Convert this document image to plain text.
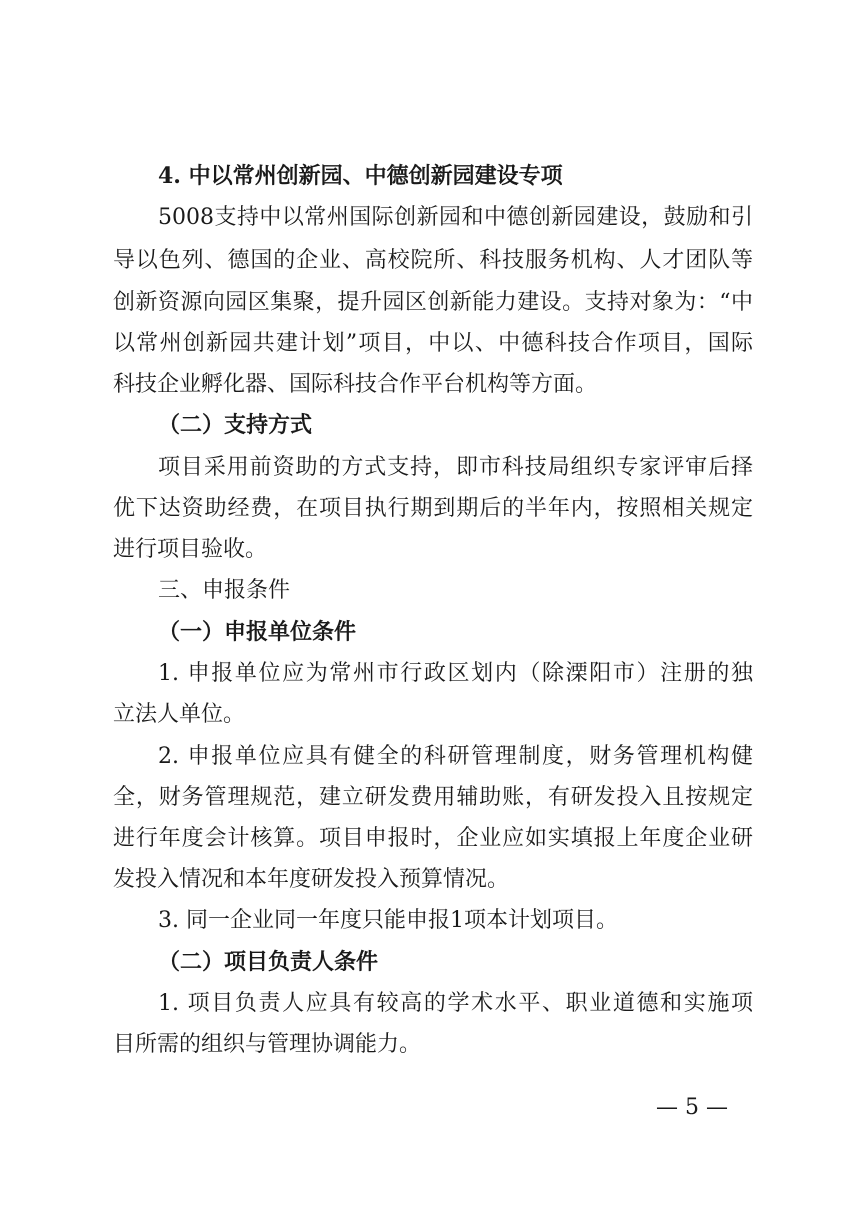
4. 中以常州创新园、中德创新园建设专项
5008支持中以常州国际创新园和中德创新园建设，鼓励和引
导以色列、德国的企业、高校院所、科技服务机构、人才团队等
创新资源向园区集聚，提升园区创新能力建设。支持对象为：“中
以常州创新园共建计划”项目，中以、中德科技合作项目，国际
科技企业孵化器、国际科技合作平台机构等方面。
（二）支持方式
项目采用前资助的方式支持，即市科技局组织专家评审后择
优下达资助经费，在项目执行期到期后的半年内，按照相关规定
进行项目验收。
三、申报条件
（一）申报单位条件
1. 申报单位应为常州市行政区划内（除溧阳市）注册的独
立法人单位。
2. 申报单位应具有健全的科研管理制度，财务管理机构健
全，财务管理规范，建立研发费用辅助账，有研发投入且按规定
进行年度会计核算。项目申报时，企业应如实填报上年度企业研
发投入情况和本年度研发投入预算情况。
3. 同一企业同一年度只能申报1项本计划项目。
（二）项目负责人条件
1. 项目负责人应具有较高的学术水平、职业道德和实施项
目所需的组织与管理协调能力。
— 5 —
